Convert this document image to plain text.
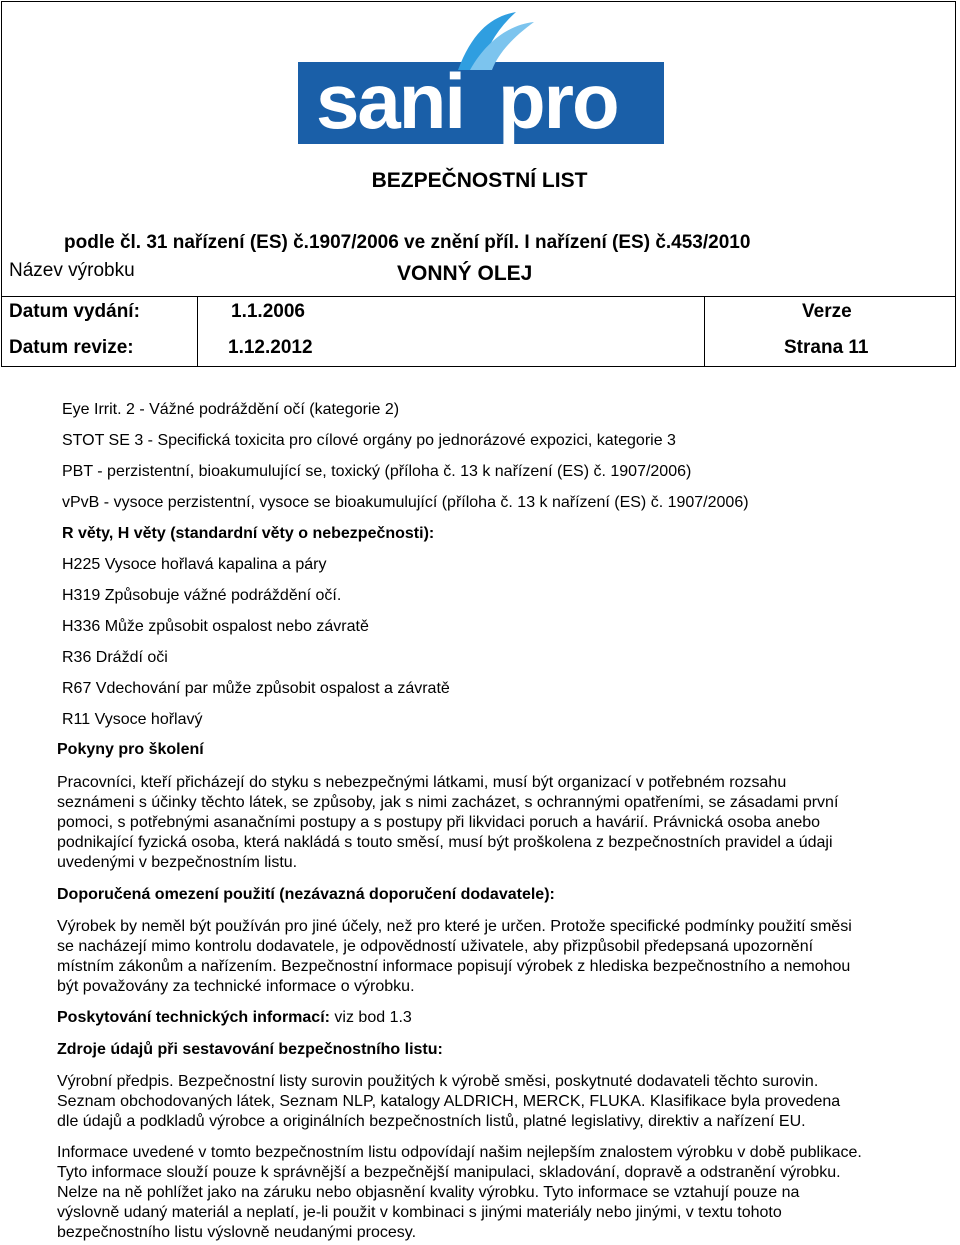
sani pro
BEZPEČNOSTNÍ LIST
podle čl. 31 nařízení (ES) č.1907/2006 ve znění příl. I nařízení (ES) č.453/2010
Název výrobku	VONNÝ OLEJ
Datum vydání:	1.1.2006	Verze
Datum revize:	1.12.2012	Strana 11
Eye Irrit. 2 - Vážné podráždění očí (kategorie 2)
STOT SE 3 - Specifická toxicita pro cílové orgány po jednorázové expozici, kategorie 3
PBT - perzistentní, bioakumulující se, toxický (příloha č. 13 k nařízení (ES) č. 1907/2006)
vPvB - vysoce perzistentní, vysoce se bioakumulující (příloha č. 13 k nařízení (ES) č. 1907/2006)
R věty, H věty (standardní věty o nebezpečnosti):
H225 Vysoce hořlavá kapalina a páry
H319 Způsobuje vážné podráždění očí.
H336 Může způsobit ospalost nebo závratě
R36 Dráždí oči
R67 Vdechování par může způsobit ospalost a závratě
R11 Vysoce hořlavý
Pokyny pro školení
Pracovníci, kteří přicházejí do styku s nebezpečnými látkami, musí být organizací v potřebném rozsahu
seznámeni s účinky těchto látek, se způsoby, jak s nimi zacházet, s ochrannými opatřeními, se zásadami první
pomoci, s potřebnými asanačními postupy a s postupy při likvidaci poruch a havárií. Právnická osoba anebo
podnikající fyzická osoba, která nakládá s touto směsí, musí být proškolena z bezpečnostních pravidel a údaji
uvedenými v bezpečnostním listu.
Doporučená omezení použití (nezávazná doporučení dodavatele):
Výrobek by neměl být používán pro jiné účely, než pro které je určen. Protože specifické podmínky použití směsi
se nacházejí mimo kontrolu dodavatele, je odpovědností uživatele, aby přizpůsobil předepsaná upozornění
místním zákonům a nařízením. Bezpečnostní informace popisují výrobek z hlediska bezpečnostního a nemohou
být považovány za technické informace o výrobku.
Poskytování technických informací: viz bod 1.3
Zdroje údajů při sestavování bezpečnostního listu:
Výrobní předpis. Bezpečnostní listy surovin použitých k výrobě směsi, poskytnuté dodavateli těchto surovin.
Seznam obchodovaných látek, Seznam NLP, katalogy ALDRICH, MERCK, FLUKA. Klasifikace byla provedena
dle údajů a podkladů výrobce a originálních bezpečnostních listů, platné legislativy, direktiv a nařízení EU.
Informace uvedené v tomto bezpečnostním listu odpovídají našim nejlepším znalostem výrobku v době publikace.
Tyto informace slouží pouze k správnější a bezpečnější manipulaci, skladování, dopravě a odstranění výrobku.
Nelze na ně pohlížet jako na záruku nebo objasnění kvality výrobku. Tyto informace se vztahují pouze na
výslovně udaný materiál a neplatí, je-li použit v kombinaci s jinými materiály nebo jinými, v textu tohoto
bezpečnostního listu výslovně neudanými procesy.
